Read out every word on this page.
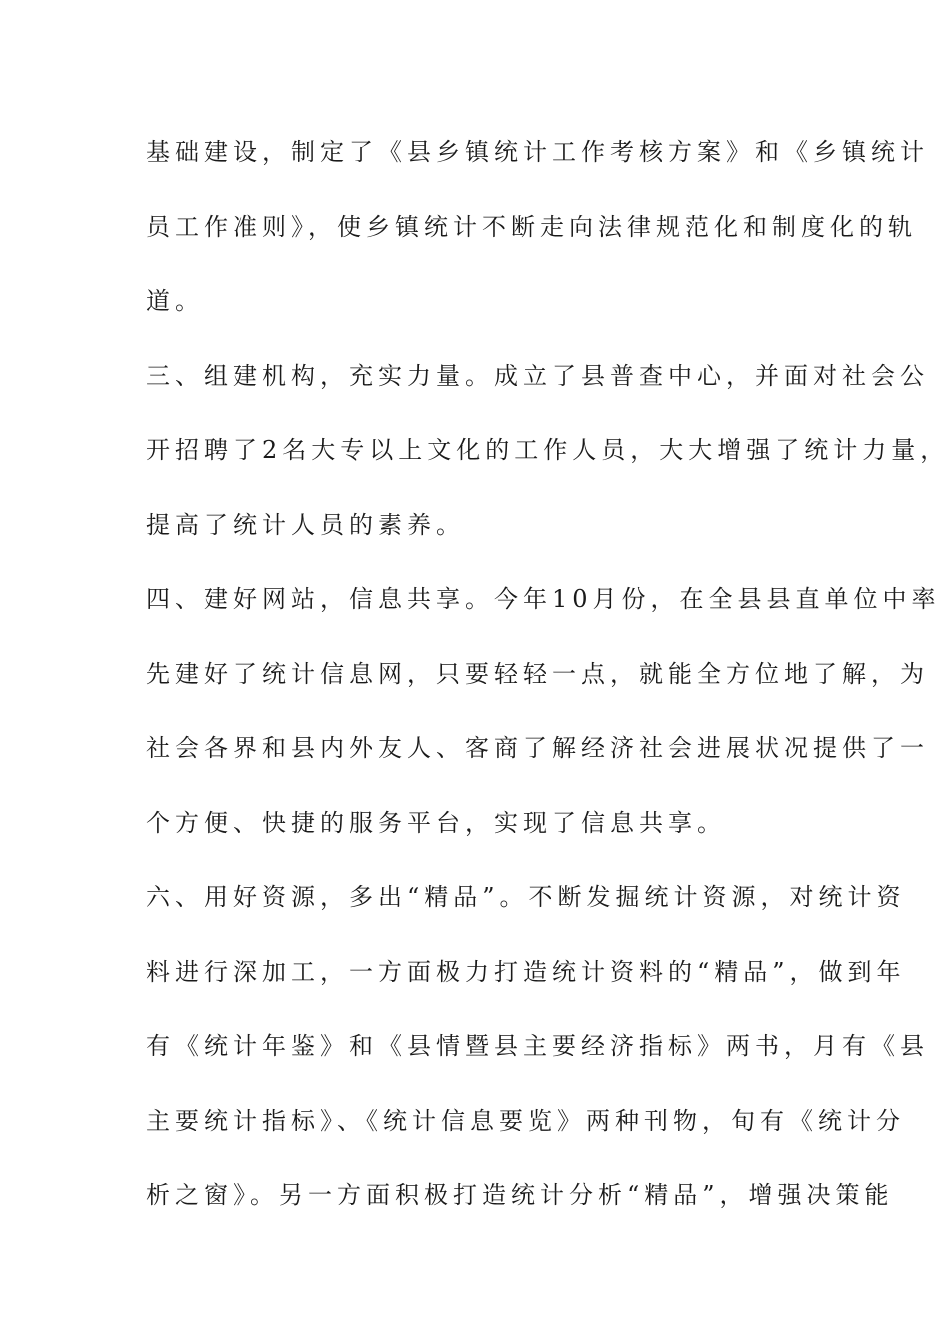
基础建设，制定了《县乡镇统计工作考核方案》和《乡镇统计
员工作准则》，使乡镇统计不断走向法律规范化和制度化的轨
道。
三、组建机构，充实力量。成立了县普查中心，并面对社会公
开招聘了2名大专以上文化的工作人员，大大增强了统计力量，
提高了统计人员的素养。
四、建好网站，信息共享。今年10月份，在全县县直单位中率
先建好了统计信息网，只要轻轻一点，就能全方位地了解，为
社会各界和县内外友人、客商了解经济社会进展状况提供了一
个方便、快捷的服务平台，实现了信息共享。
六、用好资源，多出“精品”。不断发掘统计资源，对统计资
料进行深加工，一方面极力打造统计资料的“精品”，做到年
有《统计年鉴》和《县情暨县主要经济指标》两书，月有《县
主要统计指标》、《统计信息要览》两种刊物，旬有《统计分
析之窗》。另一方面积极打造统计分析“精品”，增强决策能
